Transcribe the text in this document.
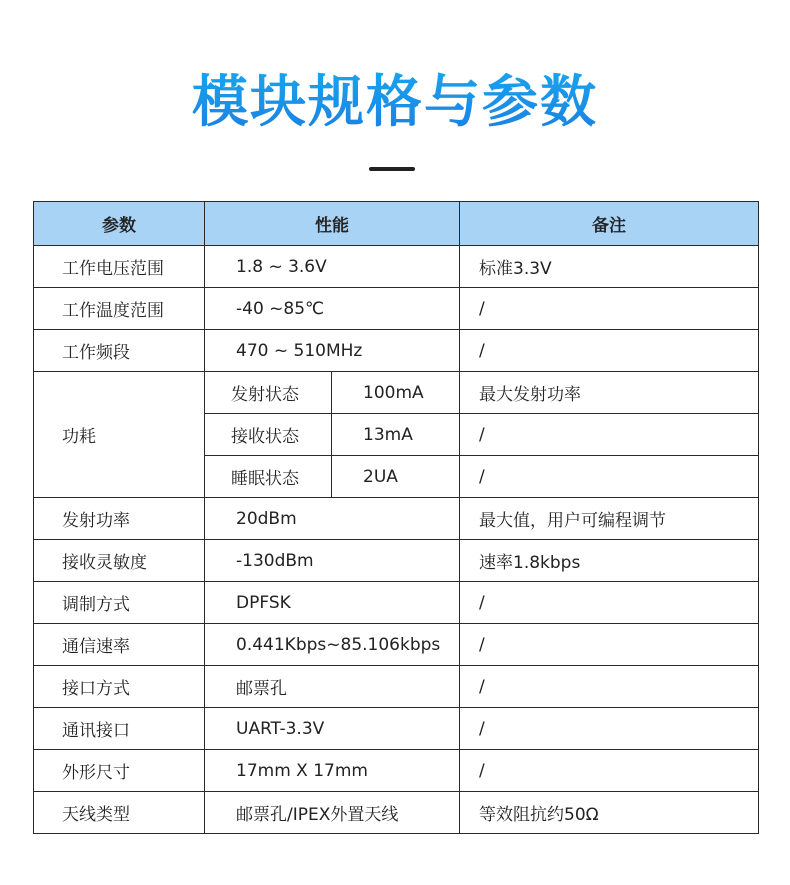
模块规格与参数
参数	性能		备注
工作电压范围	1.8 ~ 3.6V		标准3.3V
工作温度范围	-40 ~85℃		/
工作频段	470 ~ 510MHz		/
功耗	发射状态	100mA	最大发射功率
	接收状态	13mA	/
	睡眠状态	2UA	/
发射功率	20dBm		最大值，用户可编程调节
接收灵敏度	-130dBm		速率1.8kbps
调制方式	DPFSK		/
通信速率	0.441Kbps~85.106kbps		/
接口方式	邮票孔		/
通讯接口	UART-3.3V		/
外形尺寸	17mm X 17mm		/
天线类型	邮票孔/IPEX外置天线		等效阻抗约50Ω
